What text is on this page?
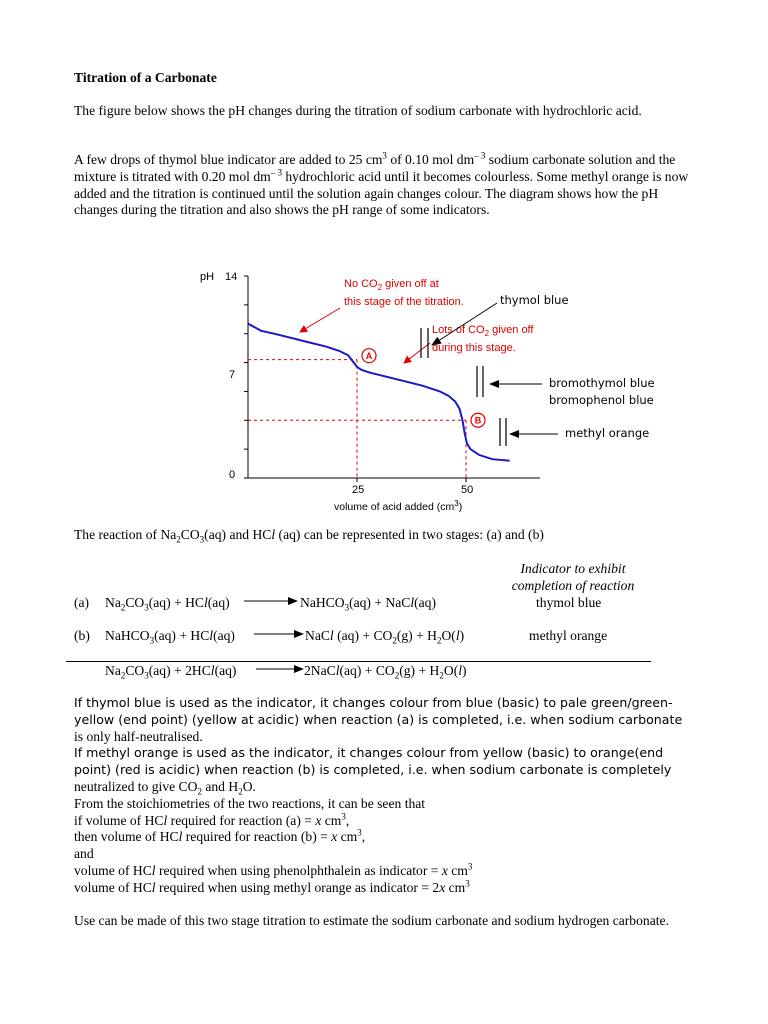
pH 14
7
0
25	50
volume of acid added $(cm^3)$
A
B
No $CO_2$ given off at
this stage of the titration.
Lots of $CO_2$ given off
during this stage.
thymol blue
bromothymol blue
bromophenol blue
methyl orange
Titration of a Carbonate
The figure below shows the pH changes during the titration of sodium carbonate with hydrochloric acid.
A few drops of thymol blue indicator are added to 25 $cm^3$ of 0.10 mol $dm^{- 3}$ sodium carbonate solution and the mixture is titrated with 0.20 mol $dm^{- 3}$ hydrochloric acid until it becomes colourless. Some methyl orange is now added and the titration is continued until the solution again changes colour. The diagram shows how the pH changes during the titration and also shows the pH range of some indicators.
The reaction of $Na_2CO_3(aq)$ and HCl (aq) can be represented in two stages: (a) and (b)
Indicator to exhibit
completion of reaction
(a) $Na_2CO_3(aq) + HCl(aq)$	NaHCO$_3$(aq) + NaCl(aq)	thymol blue
(b) NaHCO$_3$(aq) + HCl(aq)	NaCl $(aq) + CO_2(g) + H_2O(l)$	methyl orange
$Na_2CO_3(aq) + 2HCl(aq)$	2NaCl(aq) + $CO_2(g) + H_2O(l)$
If thymol blue is used as the indicator, it changes colour from blue (basic) to pale green/green-yellow (end point) (yellow at acidic) when reaction (a) is completed, i.e. when sodium carbonate
is only half-neutralised.
If methyl orange is used as the indicator, it changes colour from yellow (basic) to orange(end point) (red is acidic) when reaction (b) is completed, i.e. when sodium carbonate is completely
neutralized to give $CO_2$ and $H_2O$.
From the stoichiometries of the two reactions, it can be seen that
if volume of HCl required for reaction (a) = x $cm^3$,
then volume of HCl required for reaction (b) = x $cm^3$,
and
volume of HCl required when using phenolphthalein as indicator = x $cm^3$
volume of HCl required when using methyl orange as indicator = 2x $cm^3$
Use can be made of this two stage titration to estimate the sodium carbonate and sodium hydrogen carbonate.
